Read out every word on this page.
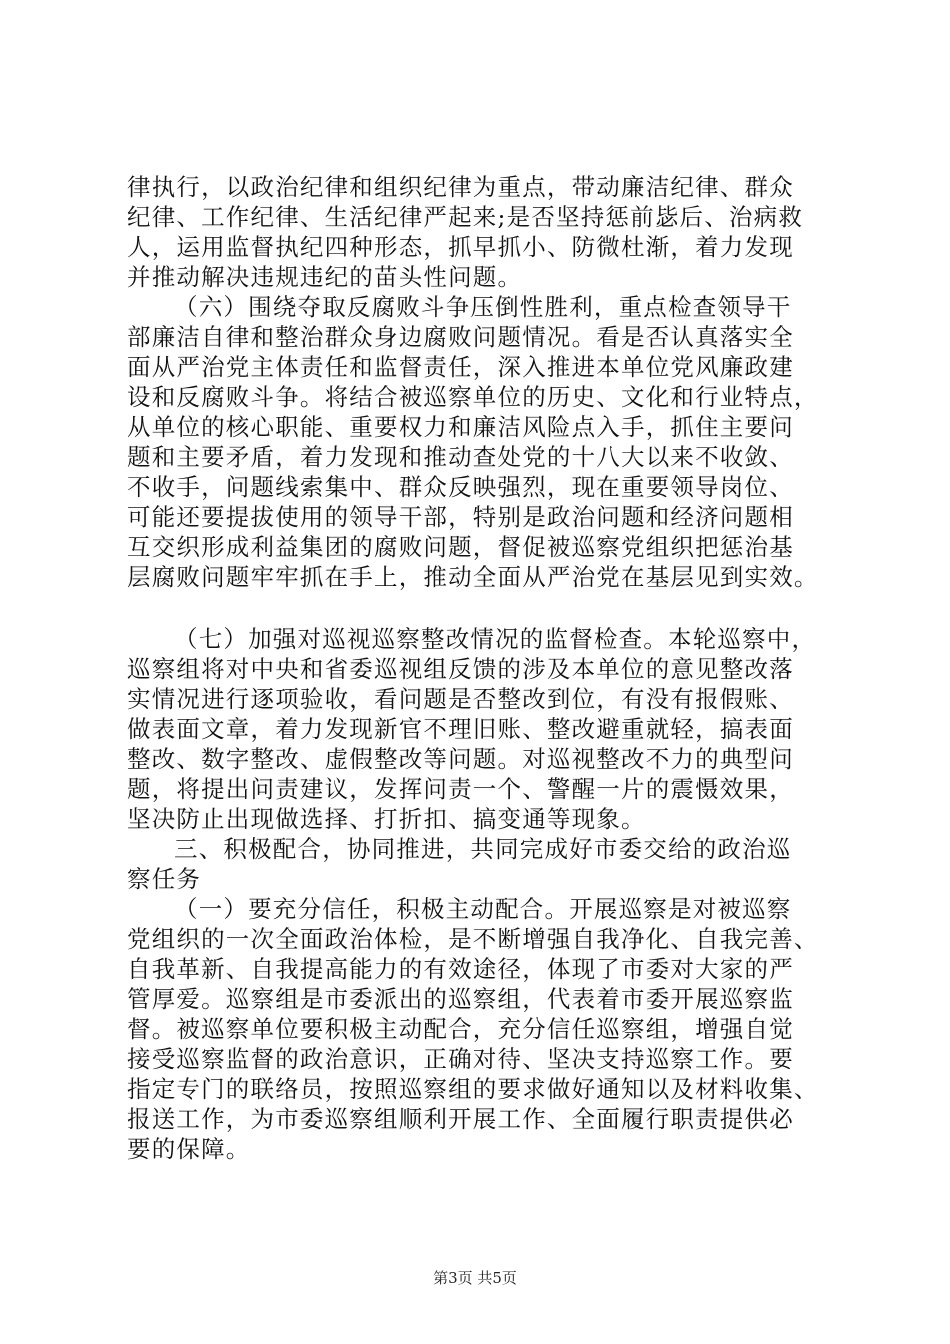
律执行，以政治纪律和组织纪律为重点，带动廉洁纪律、群众
纪律、工作纪律、生活纪律严起来;是否坚持惩前毖后、治病救
人，运用监督执纪四种形态，抓早抓小、防微杜渐，着力发现
并推动解决违规违纪的苗头性问题。
（六）围绕夺取反腐败斗争压倒性胜利，重点检查领导干
部廉洁自律和整治群众身边腐败问题情况。看是否认真落实全
面从严治党主体责任和监督责任，深入推进本单位党风廉政建
设和反腐败斗争。将结合被巡察单位的历史、文化和行业特点，
从单位的核心职能、重要权力和廉洁风险点入手，抓住主要问
题和主要矛盾，着力发现和推动查处党的十八大以来不收敛、
不收手，问题线索集中、群众反映强烈，现在重要领导岗位、
可能还要提拔使用的领导干部，特别是政治问题和经济问题相
互交织形成利益集团的腐败问题，督促被巡察党组织把惩治基
层腐败问题牢牢抓在手上，推动全面从严治党在基层见到实效。
（七）加强对巡视巡察整改情况的监督检查。本轮巡察中，
巡察组将对中央和省委巡视组反馈的涉及本单位的意见整改落
实情况进行逐项验收，看问题是否整改到位，有没有报假账、
做表面文章，着力发现新官不理旧账、整改避重就轻，搞表面
整改、数字整改、虚假整改等问题。对巡视整改不力的典型问
题，将提出问责建议，发挥问责一个、警醒一片的震慑效果，
坚决防止出现做选择、打折扣、搞变通等现象。
三、积极配合，协同推进，共同完成好市委交给的政治巡
察任务
（一）要充分信任，积极主动配合。开展巡察是对被巡察
党组织的一次全面政治体检，是不断增强自我净化、自我完善、
自我革新、自我提高能力的有效途径，体现了市委对大家的严
管厚爱。巡察组是市委派出的巡察组，代表着市委开展巡察监
督。被巡察单位要积极主动配合，充分信任巡察组，增强自觉
接受巡察监督的政治意识，正确对待、坚决支持巡察工作。要
指定专门的联络员，按照巡察组的要求做好通知以及材料收集、
报送工作，为市委巡察组顺利开展工作、全面履行职责提供必
要的保障。
第3页 共5页
